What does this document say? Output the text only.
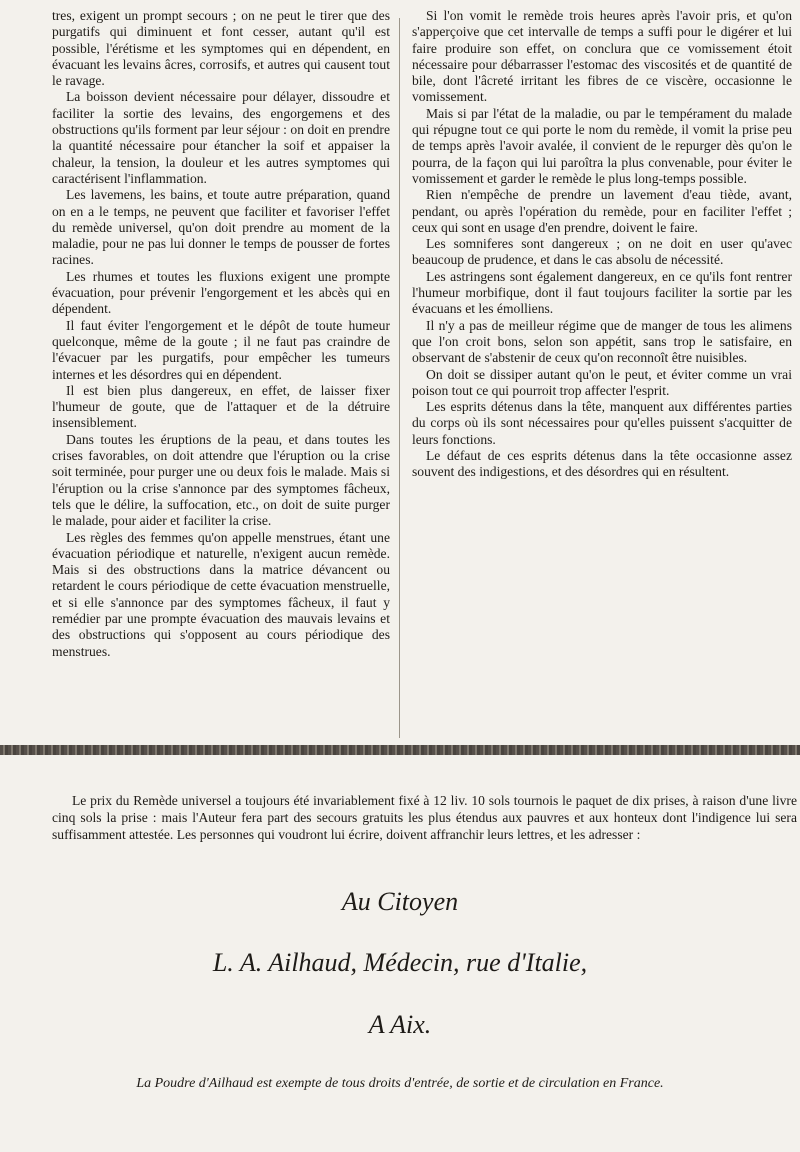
tres, exigent un prompt secours ; on ne peut le tirer que des purgatifs qui diminuent et font cesser, autant qu'il est possible, l'érétisme et les symptomes qui en dépendent, en évacuant les levains âcres, corrosifs, et autres qui causent tout le ravage.

La boisson devient nécessaire pour délayer, dissoudre et faciliter la sortie des levains, des engorgemens et des obstructions qu'ils forment par leur séjour : on doit en prendre la quantité nécessaire pour étancher la soif et appaiser la chaleur, la tension, la douleur et les autres symptomes qui caractérisent l'inflammation.

Les lavemens, les bains, et toute autre préparation, quand on en a le temps, ne peuvent que faciliter et favoriser l'effet du remède universel, qu'on doit prendre au moment de la maladie, pour ne pas lui donner le temps de pousser de fortes racines.

Les rhumes et toutes les fluxions exigent une prompte évacuation, pour prévenir l'engorgement et les abcès qui en dépendent.

Il faut éviter l'engorgement et le dépôt de toute humeur quelconque, même de la goute ; il ne faut pas craindre de l'évacuer par les purgatifs, pour empêcher les tumeurs internes et les désordres qui en dépendent.

Il est bien plus dangereux, en effet, de laisser fixer l'humeur de goute, que de l'attaquer et de la détruire insensiblement.

Dans toutes les éruptions de la peau, et dans toutes les crises favorables, on doit attendre que l'éruption ou la crise soit terminée, pour purger une ou deux fois le malade. Mais si l'éruption ou la crise s'annonce par des symptomes fâcheux, tels que le délire, la suffocation, etc., on doit de suite purger le malade, pour aider et faciliter la crise.

Les règles des femmes qu'on appelle menstrues, étant une évacuation périodique et naturelle, n'exigent aucun remède. Mais si des obstructions dans la matrice dévancent ou retardent le cours périodique de cette évacuation menstruelle, et si elle s'annonce par des symptomes fâcheux, il faut y remédier par une prompte évacuation des mauvais levains et des obstructions qui s'opposent au cours périodique des menstrues.

Si l'on vomit le remède trois heures après l'avoir pris, et qu'on s'apperçoive que cet intervalle de temps a suffi pour le digérer et lui faire produire son effet, on conclura que ce vomissement étoit nécessaire pour débarrasser l'estomac des viscosités et de quantité de bile, dont l'âcreté irritant les fibres de ce viscère, occasionne le vomissement.

Mais si par l'état de la maladie, ou par le tempérament du malade qui répugne tout ce qui porte le nom du remède, il vomit la prise peu de temps après l'avoir avalée, il convient de le repurger dès qu'on le pourra, de la façon qui lui paroîtra la plus convenable, pour éviter le vomissement et garder le remède le plus long-temps possible.

Rien n'empêche de prendre un lavement d'eau tiède, avant, pendant, ou après l'opération du remède, pour en faciliter l'effet ; ceux qui sont en usage d'en prendre, doivent le faire.

Les somniferes sont dangereux ; on ne doit en user qu'avec beaucoup de prudence, et dans le cas absolu de nécessité.

Les astringens sont également dangereux, en ce qu'ils font rentrer l'humeur morbifique, dont il faut toujours faciliter la sortie par les évacuans et les émolliens.

Il n'y a pas de meilleur régime que de manger de tous les alimens que l'on croit bons, selon son appétit, sans trop le satisfaire, en observant de s'abstenir de ceux qu'on reconnoît être nuisibles.

On doit se dissiper autant qu'on le peut, et éviter comme un vrai poison tout ce qui pourroit trop affecter l'esprit.

Les esprits détenus dans la tête, manquent aux différentes parties du corps où ils sont nécessaires pour qu'elles puissent s'acquitter de leurs fonctions.

Le défaut de ces esprits détenus dans la tête occasionne assez souvent des indigestions, et des désordres qui en résultent.

Le prix du Remède universel a toujours été invariablement fixé à 12 liv. 10 sols tournois le paquet de dix prises, à raison d'une livre cinq sols la prise : mais l'Auteur fera part des secours gratuits les plus étendus aux pauvres et aux honteux dont l'indigence lui sera suffisamment attestée. Les personnes qui voudront lui écrire, doivent affranchir leurs lettres, et les adresser :

Au Citoyen

L. A. Ailhaud, Médecin, rue d'Italie,

A Aix.

La Poudre d'Ailhaud est exempte de tous droits d'entrée, de sortie et de circulation en France.
